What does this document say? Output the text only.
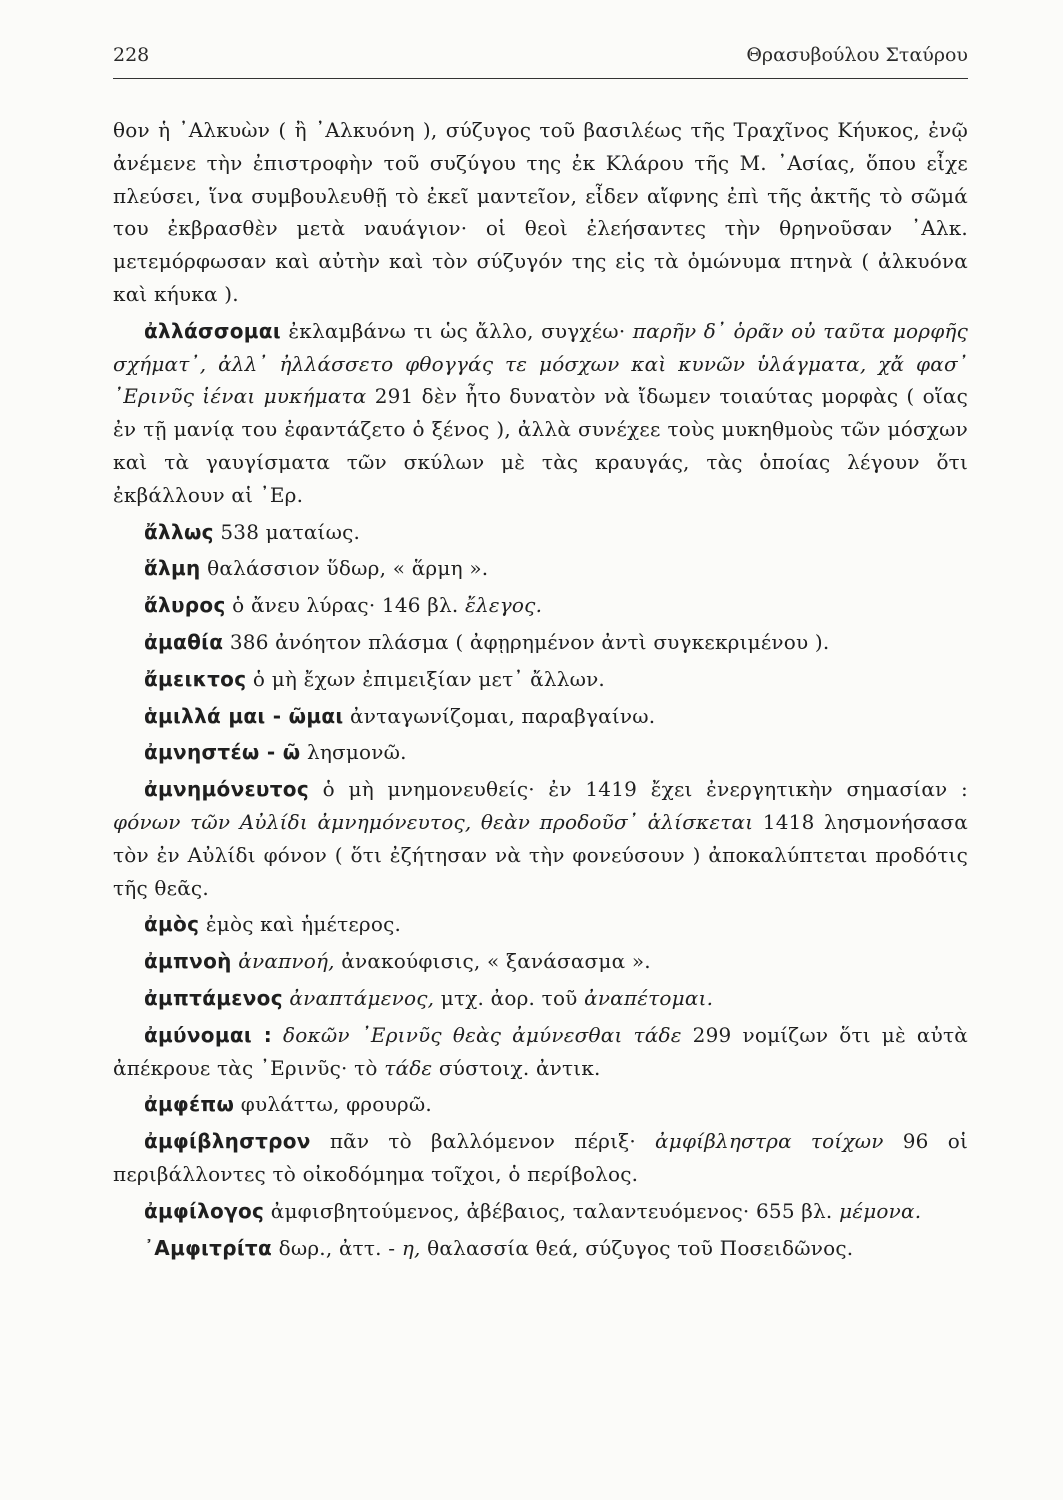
228	Θρασυβούλου Σταύρου

θον ἡ ᾿Αλκυὼν ( ἢ ᾿Αλκυόνη ), σύζυγος τοῦ βασιλέως τῆς Τραχῖνος Κήυκος, ἐνῷ ἀνέμενε τὴν ἐπιστροφὴν τοῦ συζύγου της ἐκ Κλάρου τῆς Μ. ᾿Ασίας, ὅπου εἶχε πλεύσει, ἵνα συμβουλευθῇ τὸ ἐκεῖ μαντεῖον, εἶδεν αἴφνης ἐπὶ τῆς ἀκτῆς τὸ σῶμά του ἐκβρασθὲν μετὰ ναυάγιον· οἱ θεοὶ ἐλεήσαντες τὴν θρηνοῦσαν ᾿Αλκ. μετεμόρφωσαν καὶ αὐτὴν καὶ τὸν σύζυγόν της εἰς τὰ ὁμώνυμα πτηνὰ ( ἀλκυόνα καὶ κήυκα ).

ἀλλάσσομαι ἐκλαμβάνω τι ὡς ἄλλο, συγχέω· παρῆν δ᾿ ὁρᾶν οὐ ταῦτα μορφῆς σχήματ᾿, ἀλλ᾿ ἠλλάσσετο φθογγάς τε μόσχων καὶ κυνῶν ὑλάγματα, χἄ φασ᾿ ᾿Ερινῦς ἱέναι μυκήματα 291 δὲν ἦτο δυνατὸν νὰ ἴδωμεν τοιαύτας μορφὰς ( οἵας ἐν τῇ μανίᾳ του ἐφαντάζετο ὁ ξένος ), ἀλλὰ συνέχεε τοὺς μυκηθμοὺς τῶν μόσχων καὶ τὰ γαυγίσματα τῶν σκύλων μὲ τὰς κραυγάς, τὰς ὁποίας λέγουν ὅτι ἐκβάλλουν αἱ ᾿Ερ.

ἄλλως 538 ματαίως.

ἅλμη θαλάσσιον ὕδωρ, « ἅρμη ».

ἄλυρος ὁ ἄνευ λύρας· 146 βλ. ἔλεγος.

ἀμαθία 386 ἀνόητον πλάσμα ( ἀφῃρημένον ἀντὶ συγκεκριμένου ).

ἄμεικτος ὁ μὴ ἔχων ἐπιμειξίαν μετ᾿ ἄλλων.

ἁμιλλά μαι - ῶμαι ἀνταγωνίζομαι, παραβγαίνω.

ἀμνηστέω - ῶ λησμονῶ.

ἀμνημόνευτος ὁ μὴ μνημονευθείς· ἐν 1419 ἔχει ἐνεργητικὴν σημασίαν : φόνων τῶν Αὐλίδι ἀμνημόνευτος, θεὰν προδοῦσ᾿ ἁλίσκεται 1418 λησμονήσασα τὸν ἐν Αὐλίδι φόνον ( ὅτι ἐζήτησαν νὰ τὴν φονεύσουν ) ἀποκαλύπτεται προδότις τῆς θεᾶς.

ἀμὸς ἐμὸς καὶ ἡμέτερος.

ἀμπνοὴ ἀναπνοή, ἀνακούφισις, « ξανάσασμα ».

ἀμπτάμενος ἀναπτάμενος, μτχ. ἀορ. τοῦ ἀναπέτομαι.

ἀμύνομαι : δοκῶν ᾿Ερινῦς θεὰς ἀμύνεσθαι τάδε 299 νομίζων ὅτι μὲ αὐτὰ ἀπέκρουε τὰς ᾿Ερινῦς· τὸ τάδε σύστοιχ. ἀντικ.

ἀμφέπω φυλάττω, φρουρῶ.

ἀμφίβληστρον πᾶν τὸ βαλλόμενον πέριξ· ἀμφίβληστρα τοίχων 96 οἱ περιβάλλοντες τὸ οἰκοδόμημα τοῖχοι, ὁ περίβολος.

ἀμφίλογος ἀμφισβητούμενος, ἀβέβαιος, ταλαντευόμενος· 655 βλ. μέμονα.

᾿Αμφιτρίτα δωρ., ἀττ. - η, θαλασσία θεά, σύζυγος τοῦ Ποσειδῶνος.
